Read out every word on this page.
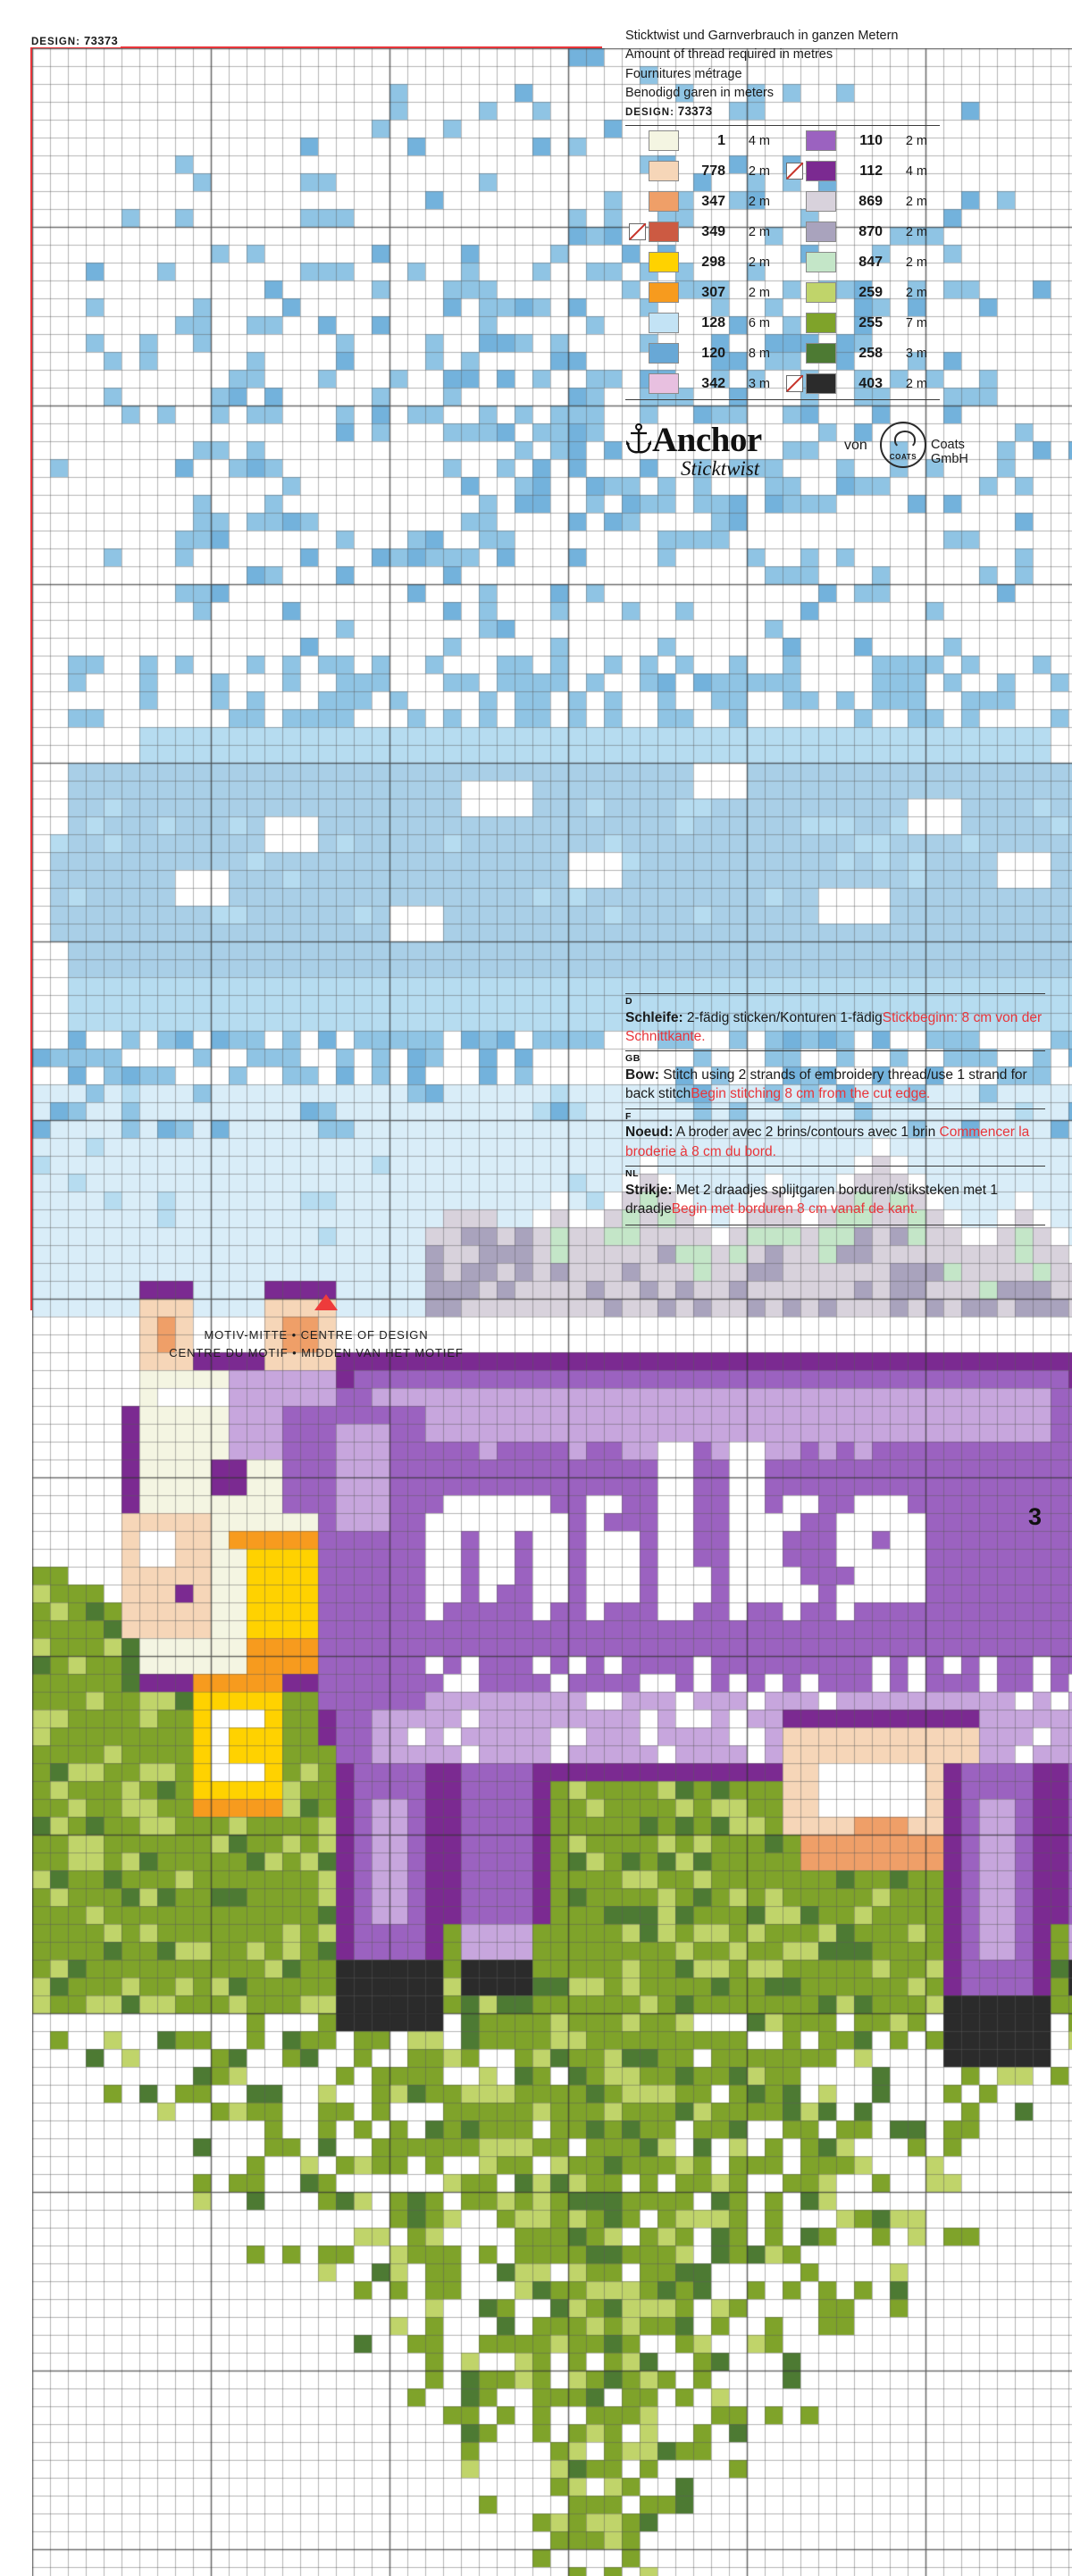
DESIGN: 73373
MOTIV-MITTE • CENTRE OF DESIGN
CENTRE DU MOTIF • MIDDEN VAN HET MOTIEF
Sticktwist und Garnverbrauch in ganzen Metern
Amount of thread required in metres
Fournitures métrage
Benodigd garen in meters
DESIGN: 73373
1	4 m	110	2 m
778	2 m	112	4 m
347	2 m	869	2 m
349	2 m	870	2 m
298	2 m	847	2 m
307	2 m	259	2 m
128	6 m	255	7 m
120	8 m	258	3 m
342	3 m	403	2 m
Anchor
Sticktwist
von
COATS
Coats GmbH
D
Schleife: 2-fädig sticken/Konturen 1-fädigStickbeginn: 8 cm von der Schnittkante.
GB
Bow: Stitch using 2 strands of embroidery thread/use 1 strand for back stitchBegin stitching 8 cm from the cut edge.
F
Noeud: A broder avec 2 brins/contours avec 1 brin Commencer la broderie à 8 cm du bord.
NL
Strikje: Met 2 draadjes splijtgaren borduren/stiksteken met 1 draadjeBegin met borduren 8 cm vanaf de kant.
3
